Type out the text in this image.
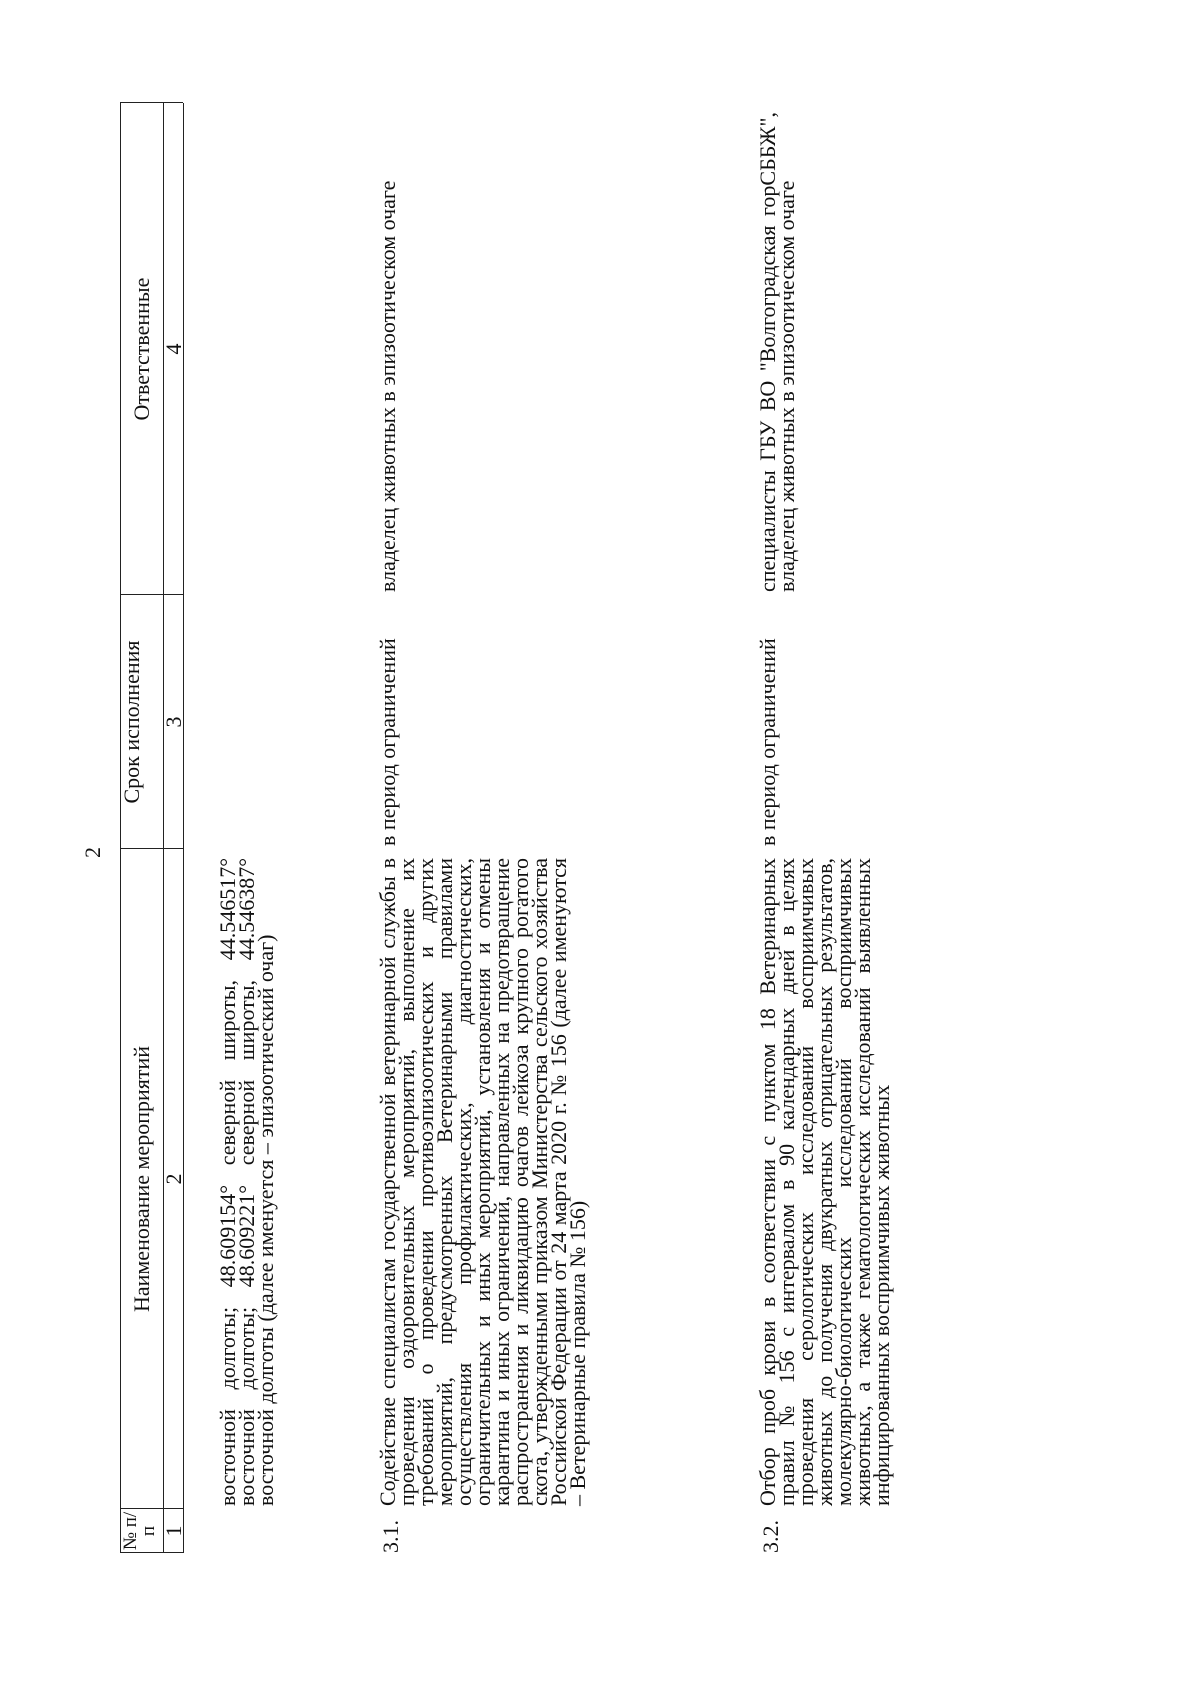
2
№ п/п
Наименование мероприятий
Срок исполнения
Ответственные
1
2
3
4
восточной долготы; 48.609154° северной широты, 44.546517° восточной долготы; 48.609221° северной широты, 44.546387° восточной долготы (далее именуется – эпизоотический очаг)
3.1.
Содействие специалистам государственной ветеринарной службы в проведении оздоровительных мероприятий, выполнение их требований о проведении противоэпизоотических и других мероприятий, предусмотренных Ветеринарными правилами осуществления профилактических, диагностических, ограничительных и иных мероприятий, установления и отмены карантина и иных ограничений, направленных на предотвращение распространения и ликвидацию очагов лейкоза крупного рогатого скота, утвержденными приказом Министерства сельского хозяйства Российской Федерации от 24 марта 2020 г. № 156 (далее именуются – Ветеринарные правила № 156)
в период ограничений
владелец животных в эпизоотическом очаге
3.2.
Отбор проб крови в соответствии с пунктом 18 Ветеринарных правил № 156 с интервалом в 90 календарных дней в целях проведения серологических исследований восприимчивых животных до получения двукратных отрицательных результатов, молекулярно-биологических исследований восприимчивых животных, а также гематологических исследований выявленных инфицированных восприимчивых животных
в период ограничений
специалисты ГБУ ВО "Волгоградская горСББЖ", владелец животных в эпизоотическом очаге
